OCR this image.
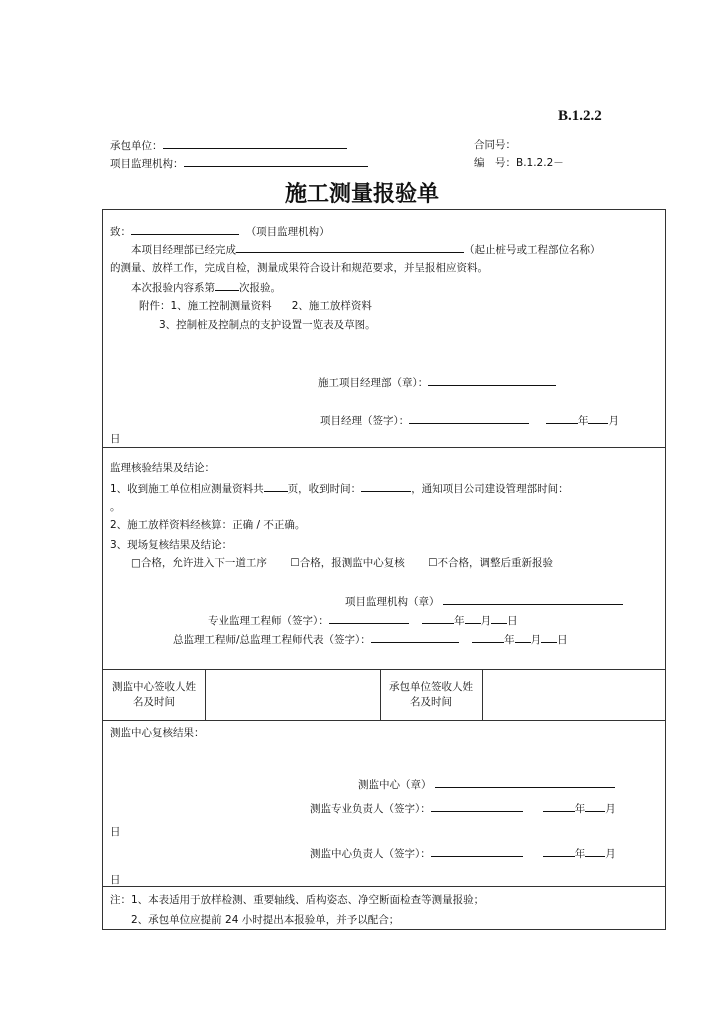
B.1.2.2
承包单位：	合同号：
项目监理机构：	编　号：B.1.2.2－
施工测量报验单
致：	（项目监理机构）
本项目经理部已经完成	（起止桩号或工程部位名称）
的测量、放样工作，完成自检，测量成果符合设计和规范要求，并呈报相应资料。
本次报验内容系第 次报验。
附件：1、施工控制测量资料 2、施工放样资料
3、控制桩及控制点的支护设置一览表及草图。
施工项目经理部（章）：
项目经理（签字）：	年 月
日
监理核验结果及结论：
1、收到施工单位相应测量资料共 页，收到时间：	，通知项目公司建设管理部时间：
。
2、施工放样资料经核算：正确 / 不正确。
3、现场复核结果及结论：
□合格，允许进入下一道工序 ☐合格，报测监中心复核 ☐不合格，调整后重新报验
项目监理机构（章）
专业监理工程师（签字）：	年 月 日
总监理工程师/总监理工程师代表（签字）：	年 月 日
测监中心签收人姓名及时间
承包单位签收人姓名及时间
测监中心复核结果：
测监中心（章）
测监专业负责人（签字）：	年 月
日
测监中心负责人（签字）：	年 月
日
注：1、本表适用于放样检测、重要轴线、盾构姿态、净空断面检查等测量报验；
2、承包单位应提前 24 小时提出本报验单，并予以配合；
